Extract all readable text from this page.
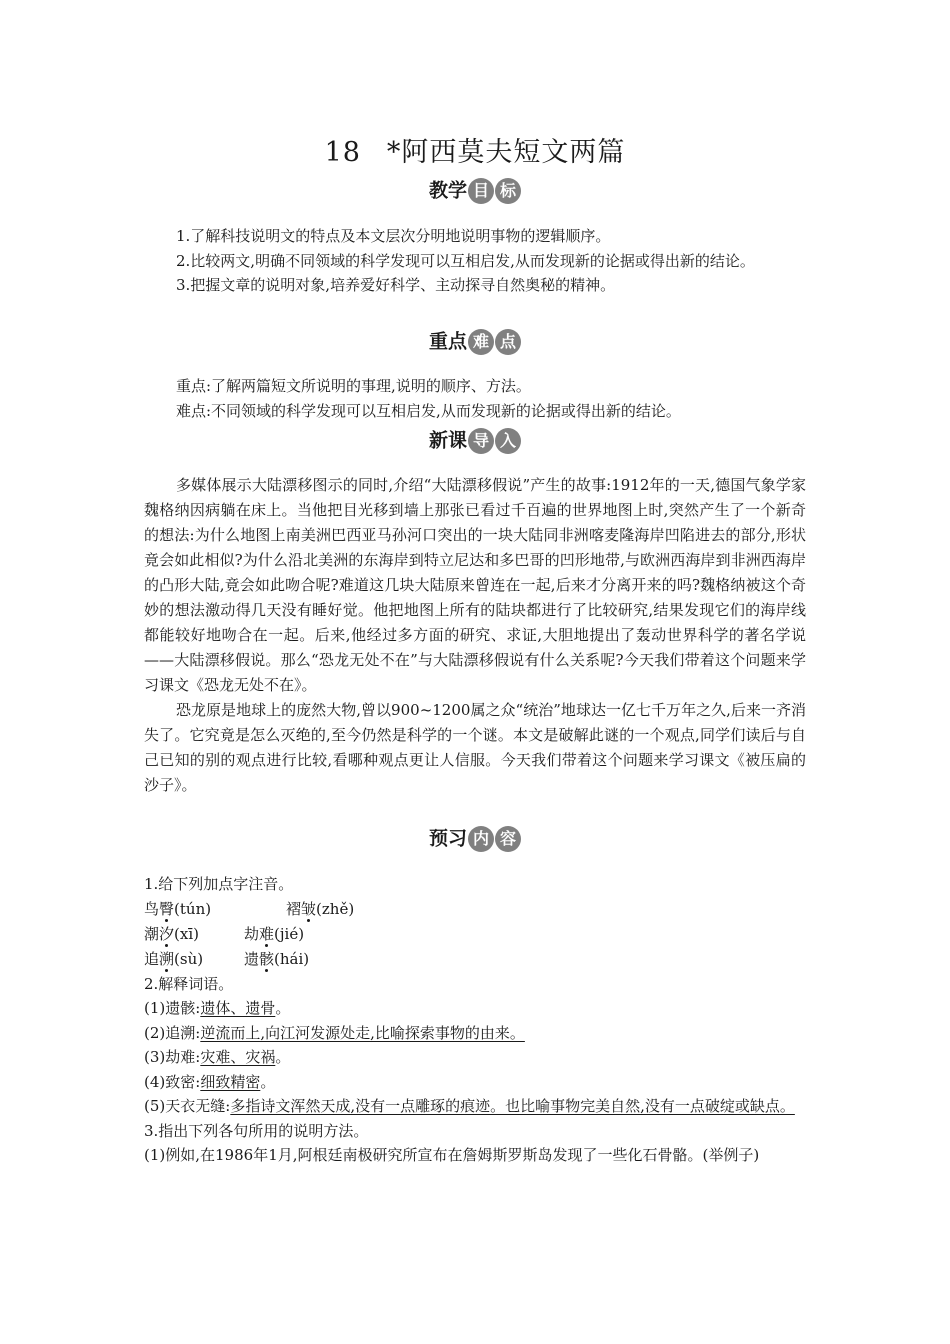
18 *阿西莫夫短文两篇
教学 目 标

1.了解科技说明文的特点及本文层次分明地说明事物的逻辑顺序。

2.比较两文,明确不同领域的科学发现可以互相启发,从而发现新的论据或得出新的结论。

3.把握文章的说明对象,培养爱好科学、主动探寻自然奥秘的精神。

重点 难 点

重点:了解两篇短文所说明的事理,说明的顺序、方法。

难点:不同领域的科学发现可以互相启发,从而发现新的论据或得出新的结论。

新课 导 入

多媒体展示大陆漂移图示的同时,介绍“大陆漂移假说”产生的故事:1912年的一天,德国气象学家魏格纳因病躺在床上。当他把目光移到墙上那张已看过千百遍的世界地图上时,突然产生了一个新奇的想法:为什么地图上南美洲巴西亚马孙河口突出的一块大陆同非洲喀麦隆海岸凹陷进去的部分,形状竟会如此相似?为什么沿北美洲的东海岸到特立尼达和多巴哥的凹形地带,与欧洲西海岸到非洲西海岸的凸形大陆,竟会如此吻合呢?难道这几块大陆原来曾连在一起,后来才分离开来的吗?魏格纳被这个奇妙的想法激动得几天没有睡好觉。他把地图上所有的陆块都进行了比较研究,结果发现它们的海岸线都能较好地吻合在一起。后来,他经过多方面的研究、求证,大胆地提出了轰动世界科学的著名学说——大陆漂移假说。那么“恐龙无处不在”与大陆漂移假说有什么关系呢?今天我们带着这个问题来学习课文《恐龙无处不在》。

恐龙原是地球上的庞然大物,曾以900~1200属之众“统治”地球达一亿七千万年之久,后来一齐消失了。它究竟是怎么灭绝的,至今仍然是科学的一个谜。本文是破解此谜的一个观点,同学们读后与自己已知的别的观点进行比较,看哪种观点更让人信服。今天我们带着这个问题来学习课文《被压扁的沙子》。

预习 内 容

1.给下列加点字注音。

鸟臀(tún)	褶皱(zhě)
潮汐(xī)	劫难(jié)
追溯(sù)	遗骸(hái)

2.解释词语。

(1)遗骸:遗体、遗骨。

(2)追溯:逆流而上,向江河发源处走,比喻探索事物的由来。

(3)劫难:灾难、灾祸。

(4)致密:细致精密。

(5)天衣无缝:多指诗文浑然天成,没有一点雕琢的痕迹。也比喻事物完美自然,没有一点破绽或缺点。

3.指出下列各句所用的说明方法。

(1)例如,在1986年1月,阿根廷南极研究所宣布在詹姆斯罗斯岛发现了一些化石骨骼。(举例子)
